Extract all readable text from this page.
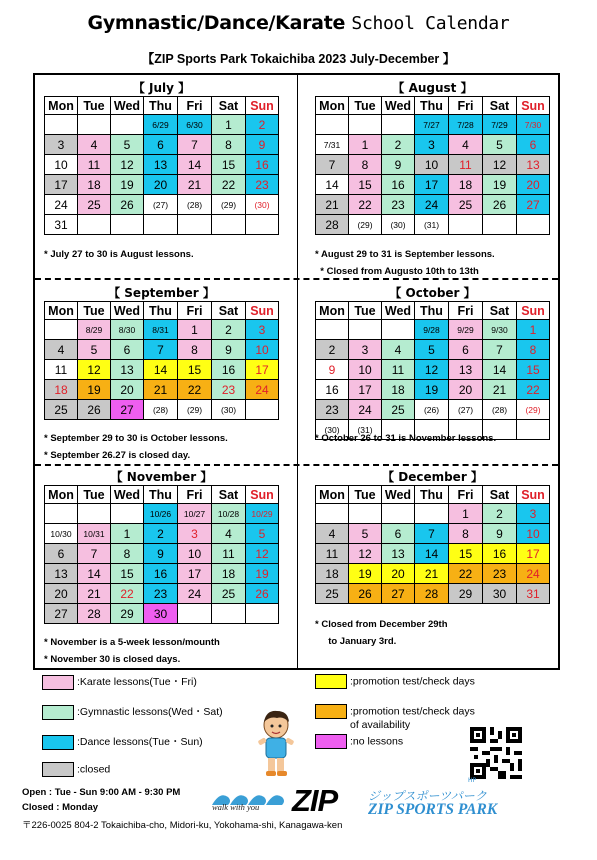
Gymnastic/Dance/Karate School Calendar
【ZIP Sports Park Tokaichiba 2023 July-December 】
【 July 】
Mon	Tue	Wed	Thu	Fri	Sat	Sun
			6/29	6/30	1	2
3	4	5	6	7	8	9
10	11	12	13	14	15	16
17	18	19	20	21	22	23
24	25	26	(27)	(28)	(29)	(30)
31						
* July 27 to 30 is August lessons.
【 August 】
Mon	Tue	Wed	Thu	Fri	Sat	Sun
			7/27	7/28	7/29	7/30
7/31	1	2	3	4	5	6
7	8	9	10	11	12	13
14	15	16	17	18	19	20
21	22	23	24	25	26	27
28	(29)	(30)	(31)			
* August 29 to 31 is September lessons.
* Closed from Augusto 10th to 13th
【 September 】
Mon	Tue	Wed	Thu	Fri	Sat	Sun
	8/29	8/30	8/31	1	2	3
4	5	6	7	8	9	10
11	12	13	14	15	16	17
18	19	20	21	22	23	24
25	26	27	(28)	(29)	(30)	
* September 29 to 30 is October lessons.
* September 26.27 is closed day.
【 October 】
Mon	Tue	Wed	Thu	Fri	Sat	Sun
			9/28	9/29	9/30	1
2	3	4	5	6	7	8
9	10	11	12	13	14	15
16	17	18	19	20	21	22
23	24	25	(26)	(27)	(28)	(29)
(30)	(31)					
* October 26 to 31 is November lessons.
【 November 】
Mon	Tue	Wed	Thu	Fri	Sat	Sun
			10/26	10/27	10/28	10/29
10/30	10/31	1	2	3	4	5
6	7	8	9	10	11	12
13	14	15	16	17	18	19
20	21	22	23	24	25	26
27	28	29	30			
* November is a 5-week lesson/mounth
* November 30 is closed days.
【 December 】
Mon	Tue	Wed	Thu	Fri	Sat	Sun
				1	2	3
4	5	6	7	8	9	10
11	12	13	14	15	16	17
18	19	20	21	22	23	24
25	26	27	28	29	30	31
* Closed from December 29th
to January 3rd.
:Karate lessons(Tue・Fri)
:Gymnastic lessons(Wed・Sat)
:Dance lessons(Tue・Sun)
:closed
:promotion test/check days
:promotion test/check days
of availability
:no lessons
walk with you ZIP	ジップスポーツパーク
HP
ZIP SPORTS PARK
Open : Tue - Sun 9:00 AM - 9:30 PM
Closed : Monday
〒226-0025 804-2 Tokaichiba-cho, Midori-ku, Yokohama-shi, Kanagawa-ken
